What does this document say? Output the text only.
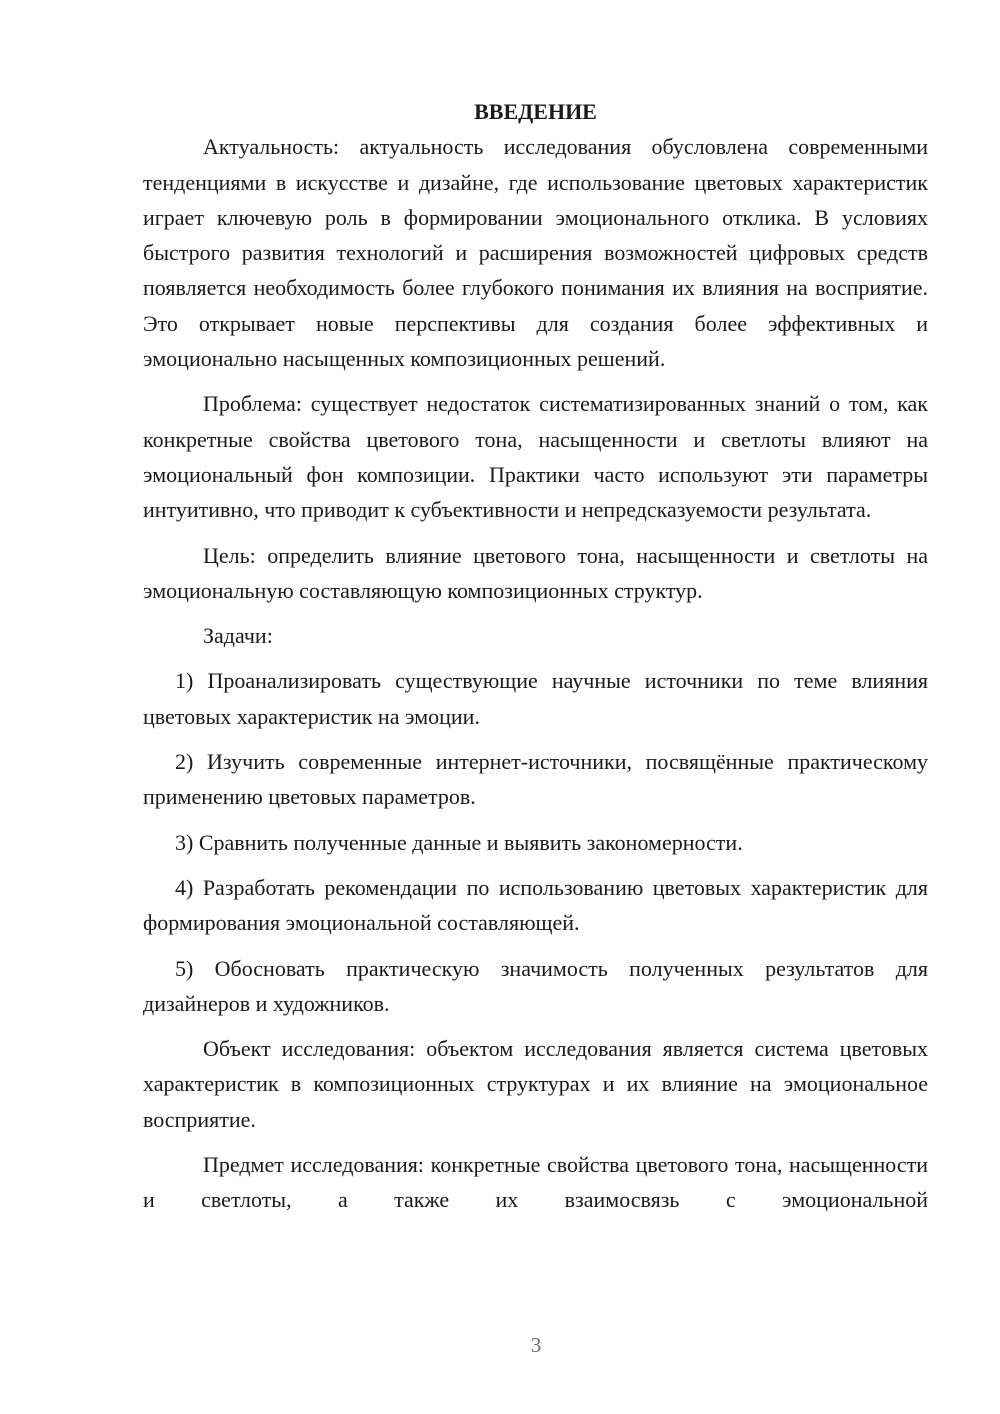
ВВЕДЕНИЕ

Актуальность: актуальность исследования обусловлена современными тенденциями в искусстве и дизайне, где использование цветовых характеристик играет ключевую роль в формировании эмоционального отклика. В условиях быстрого развития технологий и расширения возможностей цифровых средств появляется необходимость более глубокого понимания их влияния на восприятие. Это открывает новые перспективы для создания более эффективных и эмоционально насыщенных композиционных решений.

Проблема: существует недостаток систематизированных знаний о том, как конкретные свойства цветового тона, насыщенности и светлоты влияют на эмоциональный фон композиции. Практики часто используют эти параметры интуитивно, что приводит к субъективности и непредсказуемости результата.

Цель: определить влияние цветового тона, насыщенности и светлоты на эмоциональную составляющую композиционных структур.

Задачи:

1) Проанализировать существующие научные источники по теме влияния цветовых характеристик на эмоции.

2) Изучить современные интернет-источники, посвящённые практическому применению цветовых параметров.

3) Сравнить полученные данные и выявить закономерности.

4) Разработать рекомендации по использованию цветовых характеристик для формирования эмоциональной составляющей.

5) Обосновать практическую значимость полученных результатов для дизайнеров и художников.

Объект исследования: объектом исследования является система цветовых характеристик в композиционных структурах и их влияние на эмоциональное восприятие.

Предмет исследования: конкретные свойства цветового тона, насыщенности и светлоты, а также их взаимосвязь с эмоциональной

3
